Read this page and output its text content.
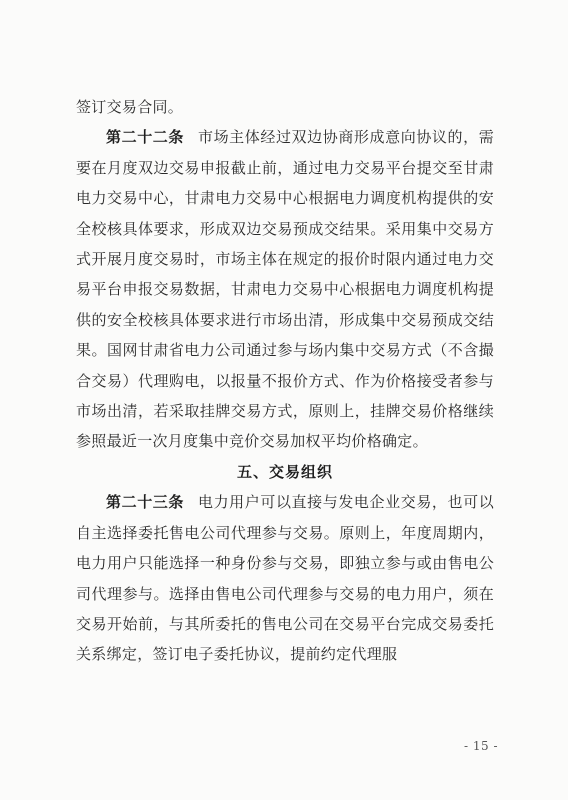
签订交易合同。

第二十二条 市场主体经过双边协商形成意向协议的，需要在月度双边交易申报截止前，通过电力交易平台提交至甘肃电力交易中心，甘肃电力交易中心根据电力调度机构提供的安全校核具体要求，形成双边交易预成交结果。采用集中交易方式开展月度交易时，市场主体在规定的报价时限内通过电力交易平台申报交易数据，甘肃电力交易中心根据电力调度机构提供的安全校核具体要求进行市场出清，形成集中交易预成交结果。国网甘肃省电力公司通过参与场内集中交易方式（不含撮合交易）代理购电，以报量不报价方式、作为价格接受者参与市场出清，若采取挂牌交易方式，原则上，挂牌交易价格继续参照最近一次月度集中竞价交易加权平均价格确定。

五、交易组织

第二十三条 电力用户可以直接与发电企业交易，也可以自主选择委托售电公司代理参与交易。原则上，年度周期内，电力用户只能选择一种身份参与交易，即独立参与或由售电公司代理参与。选择由售电公司代理参与交易的电力用户，须在交易开始前，与其所委托的售电公司在交易平台完成交易委托关系绑定，签订电子委托协议，提前约定代理服

- 15 -
